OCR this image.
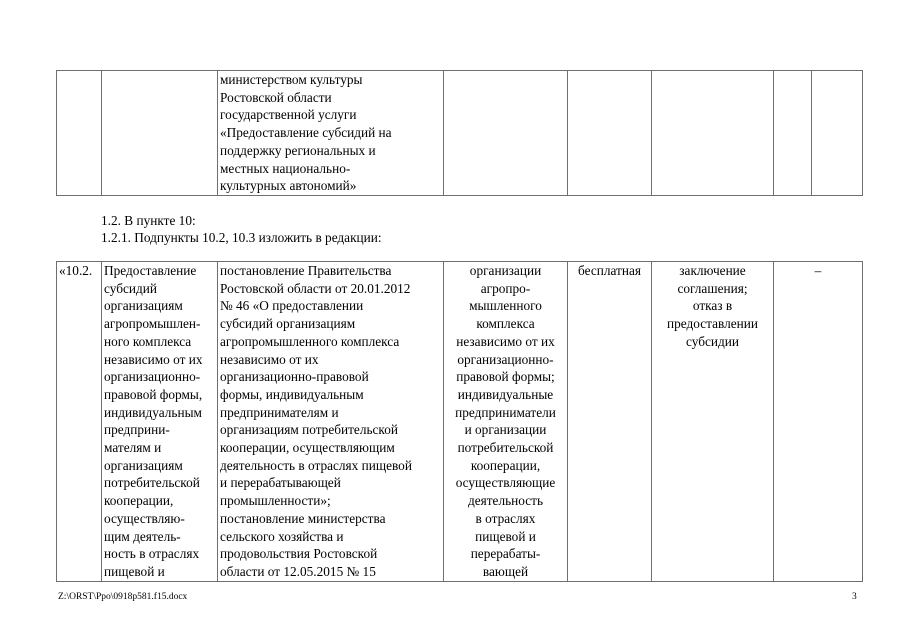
		министерством культуры
Ростовской области
государственной услуги
«Предоставление субсидий на
поддержку региональных и
местных национально-
культурных автономий»					
1.2. В пункте 10:
1.2.1. Подпункты 10.2, 10.3 изложить в редакции:
«10.2.	Предоставление
субсидий
организациям
агропромышлен-
ного комплекса
независимо от их
организационно-
правовой формы,
индивидуальным
предприни-
мателям и
организациям
потребительской
кооперации,
осуществляю-
щим деятель-
ность в отраслях
пищевой и	постановление Правительства
Ростовской области от 20.01.2012
№ 46 «О предоставлении
субсидий организациям
агропромышленного комплекса
независимо от их
организационно-правовой
формы, индивидуальным
предпринимателям и
организациям потребительской
кооперации, осуществляющим
деятельность в отраслях пищевой
и перерабатывающей
промышленности»;
постановление министерства
сельского хозяйства и
продовольствия Ростовской
области от 12.05.2015 № 15	организации
агропро-
мышленного
комплекса
независимо от их
организационно-
правовой формы;
индивидуальные
предприниматели
и организации
потребительской
кооперации,
осуществляющие
деятельность
в отраслях
пищевой и
перерабаты-
вающей	бесплатная	заключение
соглашения;
отказ в
предоставлении
субсидии	–
Z:\ORST\Ppo\0918p581.f15.docx	3
